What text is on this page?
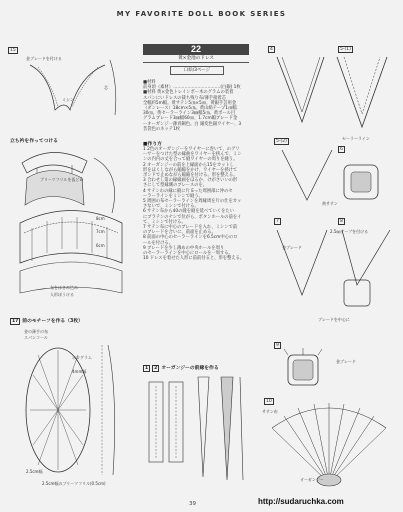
MY FAVORITE DOLL BOOK SERIES
15
金ブレードを付ける
芯
ミシン
立ち衿を作ってつける
ブリーツフリルを仮どめ
8cm
7cm
6cm
布をはさみ込み
人形ぼうける
17 前のモチーフを作る（3枚）
金の薄手の布
スパンコール
ホログラム
4mm幅
2.5cm幅
2.5cm幅のブリーツフリル(0.5cm)
22
黄×金池のドレス
口絵/3ページ
■材料
前身頃（素材）……………………………(白銀) 1枚
■材料 黄×金色トレインボー木のグラムの装着
スパンにいドレスの裁ち残り布/薄手接着芯
全幅約5m幅。黄サテン5㎝×5㎝、黄銀手芸用金
（ダンレース）18cm×5㎝。黄山絹テープ1㎝幅
30㎝。黄セーラーライン3㎜幅5㎝。黄ボール目
グラムブレード3㎜幅60㎝、1.7cm幅ブレード金
ーオーガンジ一薄青銅色。白 銀変色銀ワイヤー、3
昔袋色のネッテ1枚
■作り方
1 2色のオーガンジーをワイヤーに巻いて、のグリ
ーサーをつけた型の縁曲をワイヤーを挟んで、ミシ
ンの内内の丈を合って縫ワイヤーの周りを縫う。
2 オーガンジーの前を上縁面から15をカットし
形をほくしながら縮縮をかけ、ワイヤーを挟けて
ボンドで止めながら縮縮を付ける。形を整える。
3 合わせし第の縁縁画をほるか、けがさいいの形
さにして型縁側のブレースのを。
4 サテンわの縁に縦に片 Eった周囲部に沖のセ
ーラーラインをミシンで縫う。
5 周囲の布セーラーラインを周縁周を片の仕をカッ
さないで、ミシンで付ける。
6 サテン布から40の縫を縫を延べていくをたい
にブラテンのナシで位がら、ボタンホールの前をイ
て、ミシンで付ける。
7 サテン布に中心のブレードを入れ、ミシンで前
のブレードを合いに、前面を止める。
8 前面の中心のセーラーラインを6.5cm中心のロ
ールを付ける。
9 ブレードを少し薄めの中央ホールを周り
のセーラーラインを中心にロールを一周する。
10 ドレスを着せた人形に前前付ると、形を整える。
1 2 オーガンジーの前縁を作る
4	5-(1)
セーラーライン
5-(2)
6
黄サテン
7	8
2.5㎜テープを付ける
金ブレード
ブレードを中心に
9
金ブレード
10
サテン布
オーガンジー
http://sudaruchka.com
39
